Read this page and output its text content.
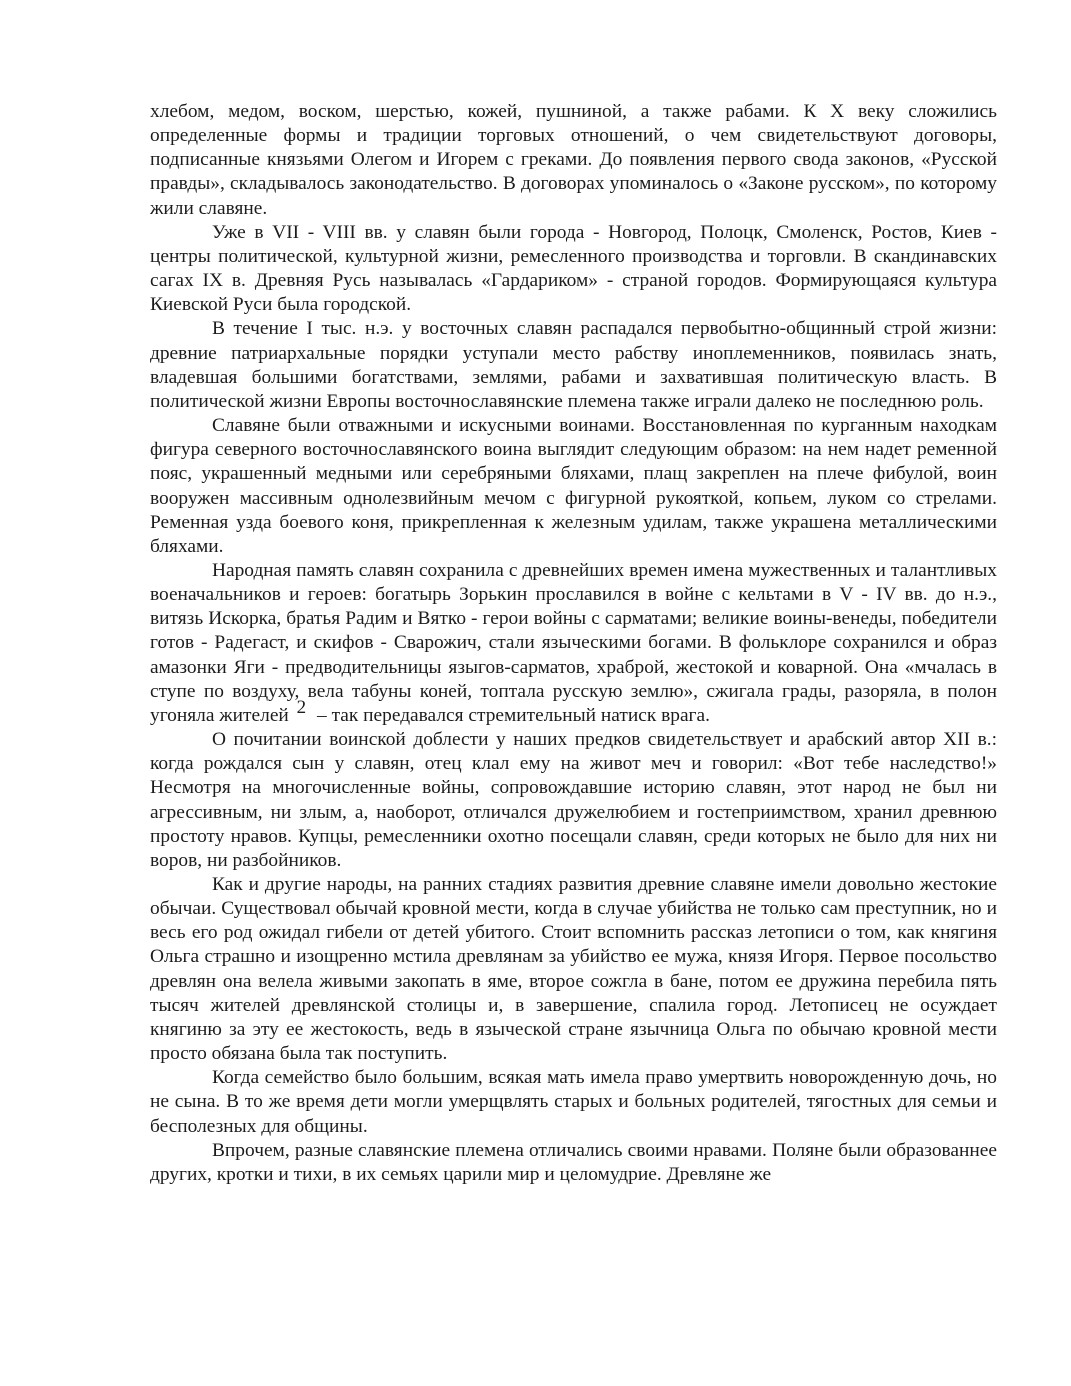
хлебом, медом, воском, шерстью, кожей, пушниной, а также рабами. К X веку сложились определенные формы и традиции торговых отношений, о чем свидетельствуют договоры, подписанные князьями Олегом и Игорем с греками. До появления первого свода законов, «Русской правды», складывалось законодательство. В договорах упоминалось о «Законе русском», по которому жили славяне.

Уже в VII - VIII вв. у славян были города - Новгород, Полоцк, Смоленск, Ростов, Киев - центры политической, культурной жизни, ремесленного производства и торговли. В скандинавских сагах IX в. Древняя Русь называлась «Гардариком» - страной городов. Формирующаяся культура Киевской Руси была городской.

В течение I тыс. н.э. у восточных славян распадался первобытно-общинный строй жизни: древние патриархальные порядки уступали место рабству иноплеменников, появилась знать, владевшая большими богатствами, землями, рабами и захватившая политическую власть. В политической жизни Европы восточнославянские племена также играли далеко не последнюю роль.

Славяне были отважными и искусными воинами. Восстановленная по курганным находкам фигура северного восточнославянского воина выглядит следующим образом: на нем надет ременной пояс, украшенный медными или серебряными бляхами, плащ закреплен на плече фибулой, воин вооружен массивным однолезвийным мечом с фигурной рукояткой, копьем, луком со стрелами. Ременная узда боевого коня, прикрепленная к железным удилам, также украшена металлическими бляхами.

Народная память славян сохранила с древнейших времен имена мужественных и талантливых военачальников и героев: богатырь Зорькин прославился в войне с кельтами в V - IV вв. до н.э., витязь Искорка, братья Радим и Вятко - герои войны с сарматами; великие воины-венеды, победители готов - Радегаст, и скифов - Сварожич, стали языческими богами. В фольклоре сохранился и образ амазонки Яги - предводительницы языгов-сарматов, храброй, жестокой и коварной. Она «мчалась в ступе по воздуху, вела табуны коней, топтала русскую землю», сжигала грады, разоряла, в полон угоняла жителей 2 – так передавался стремительный натиск врага.

О почитании воинской доблести у наших предков свидетельствует и арабский автор XII в.: когда рождался сын у славян, отец клал ему на живот меч и говорил: «Вот тебе наследство!» Несмотря на многочисленные войны, сопровождавшие историю славян, этот народ не был ни агрессивным, ни злым, а, наоборот, отличался дружелюбием и гостеприимством, хранил древнюю простоту нравов. Купцы, ремесленники охотно посещали славян, среди которых не было для них ни воров, ни разбойников.

Как и другие народы, на ранних стадиях развития древние славяне имели довольно жестокие обычаи. Существовал обычай кровной мести, когда в случае убийства не только сам преступник, но и весь его род ожидал гибели от детей убитого. Стоит вспомнить рассказ летописи о том, как княгиня Ольга страшно и изощренно мстила древлянам за убийство ее мужа, князя Игоря. Первое посольство древлян она велела живыми закопать в яме, второе сожгла в бане, потом ее дружина перебила пять тысяч жителей древлянской столицы и, в завершение, спалила город. Летописец не осуждает княгиню за эту ее жестокость, ведь в языческой стране язычница Ольга по обычаю кровной мести просто обязана была так поступить.

Когда семейство было большим, всякая мать имела право умертвить новорожденную дочь, но не сына. В то же время дети могли умерщвлять старых и больных родителей, тягостных для семьи и бесполезных для общины.

Впрочем, разные славянские племена отличались своими нравами. Поляне были образованнее других, кротки и тихи, в их семьях царили мир и целомудрие. Древляне же
